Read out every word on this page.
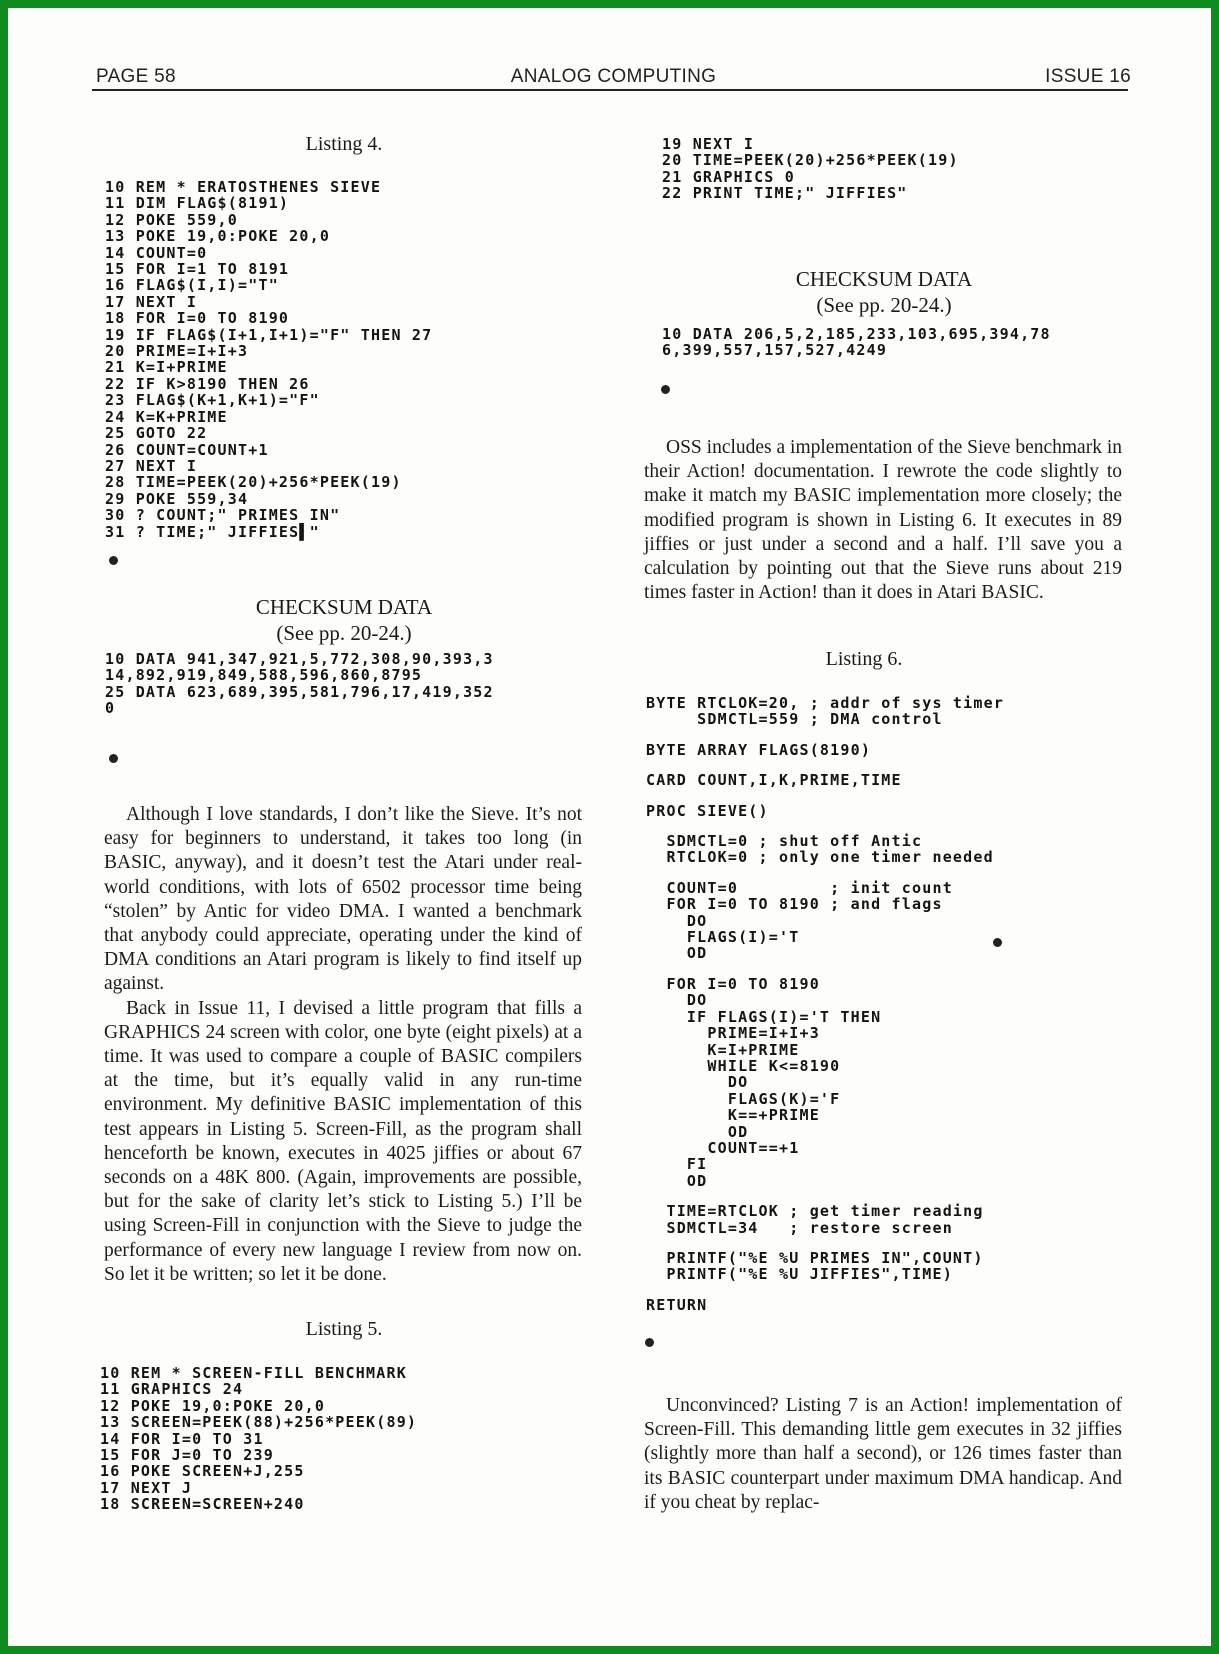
PAGE 58	ANALOG COMPUTING	ISSUE 16
Listing 4.
10 REM * ERATOSTHENES SIEVE
11 DIM FLAG$(8191)
12 POKE 559,0
13 POKE 19,0:POKE 20,0
14 COUNT=0
15 FOR I=1 TO 8191
16 FLAG$(I,I)="T"
17 NEXT I
18 FOR I=0 TO 8190
19 IF FLAG$(I+1,I+1)="F" THEN 27
20 PRIME=I+I+3
21 K=I+PRIME
22 IF K>8190 THEN 26
23 FLAG$(K+1,K+1)="F"
24 K=K+PRIME
25 GOTO 22
26 COUNT=COUNT+1
27 NEXT I
28 TIME=PEEK(20)+256*PEEK(19)
29 POKE 559,34
30 ? COUNT;" PRIMES IN"
31 ? TIME;" JIFFIES▌"
CHECKSUM DATA
(See pp. 20-24.)
10 DATA 941,347,921,5,772,308,90,393,3
14,892,919,849,588,596,860,8795
25 DATA 623,689,395,581,796,17,419,352
0

Although I love standards, I don’t like the Sieve. It’s not easy for beginners to understand, it takes too long (in BASIC, anyway), and it doesn’t test the Atari under real-world conditions, with lots of 6502 processor time being “stolen” by Antic for video DMA. I wanted a benchmark that anybody could appreciate, operating under the kind of DMA conditions an Atari program is likely to find itself up against.

Back in Issue 11, I devised a little program that fills a GRAPHICS 24 screen with color, one byte (eight pixels) at a time. It was used to compare a couple of BASIC compilers at the time, but it’s equally valid in any run-time environment. My definitive BASIC implementation of this test appears in Listing 5. Screen-Fill, as the program shall henceforth be known, executes in 4025 jiffies or about 67 seconds on a 48K 800. (Again, improvements are possible, but for the sake of clarity let’s stick to Listing 5.) I’ll be using Screen-Fill in conjunction with the Sieve to judge the performance of every new language I review from now on. So let it be written; so let it be done.

Listing 5.
10 REM * SCREEN-FILL BENCHMARK
11 GRAPHICS 24
12 POKE 19,0:POKE 20,0
13 SCREEN=PEEK(88)+256*PEEK(89)
14 FOR I=0 TO 31
15 FOR J=0 TO 239
16 POKE SCREEN+J,255
17 NEXT J
18 SCREEN=SCREEN+240
19 NEXT I
20 TIME=PEEK(20)+256*PEEK(19)
21 GRAPHICS 0
22 PRINT TIME;" JIFFIES"
CHECKSUM DATA
(See pp. 20-24.)
10 DATA 206,5,2,185,233,103,695,394,78
6,399,557,157,527,4249

OSS includes a implementation of the Sieve benchmark in their Action! documentation. I rewrote the code slightly to make it match my BASIC implementation more closely; the modified program is shown in Listing 6. It executes in 89 jiffies or just under a second and a half. I’ll save you a calculation by pointing out that the Sieve runs about 219 times faster in Action! than it does in Atari BASIC.

Listing 6.
BYTE RTCLOK=20, ; addr of sys timer
SDMCTL=559 ; DMA control
BYTE ARRAY FLAGS(8190)
CARD COUNT,I,K,PRIME,TIME
PROC SIEVE()
SDMCTL=0 ; shut off Antic
RTCLOK=0 ; only one timer needed
COUNT=0         ; init count
FOR I=0 TO 8190 ; and flags
DO
FLAGS(I)='T
OD
FOR I=0 TO 8190
DO
IF FLAGS(I)='T THEN
PRIME=I+I+3
K=I+PRIME
WHILE K<=8190
DO
FLAGS(K)='F
K==+PRIME
OD
COUNT==+1
FI
OD
TIME=RTCLOK ; get timer reading
SDMCTL=34   ; restore screen
PRINTF("%E %U PRIMES IN",COUNT)
PRINTF("%E %U JIFFIES",TIME)
RETURN

Unconvinced? Listing 7 is an Action! implementation of Screen-Fill. This demanding little gem executes in 32 jiffies (slightly more than half a second), or 126 times faster than its BASIC counterpart under maximum DMA handicap. And if you cheat by replac-
